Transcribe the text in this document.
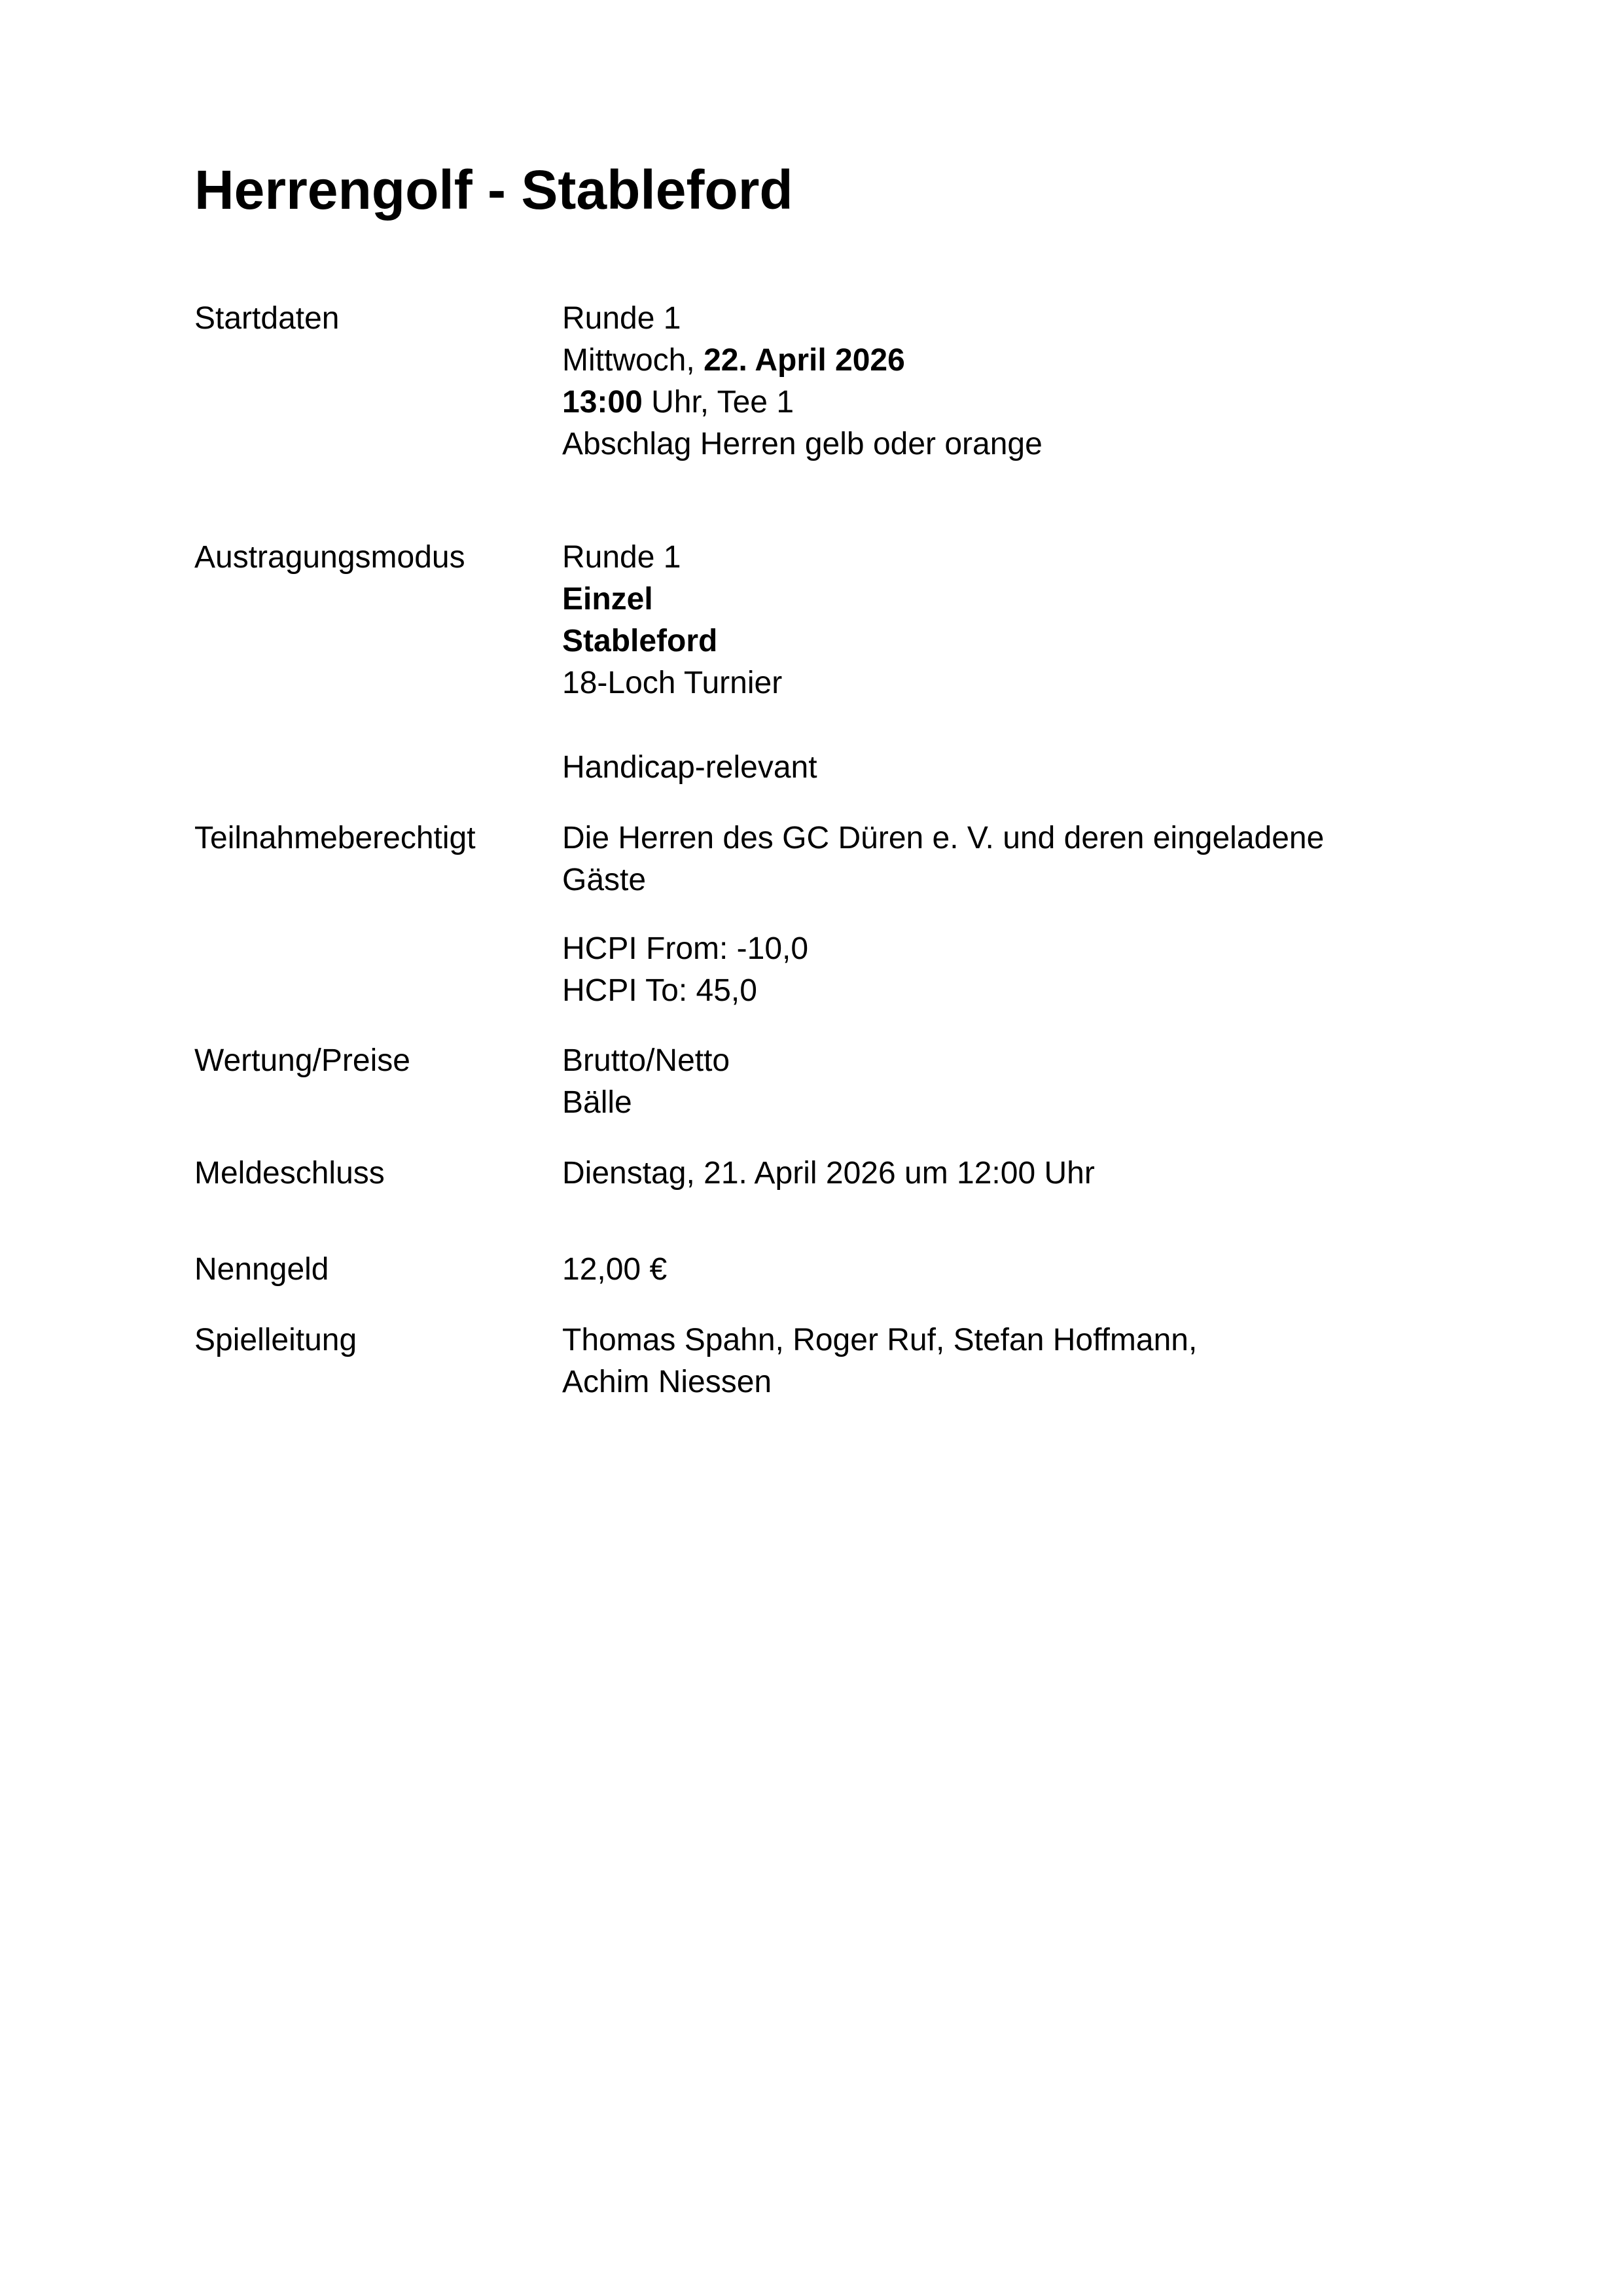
Herrengolf - Stableford
Startdaten	Runde 1
Mittwoch, 22. April 2026
13:00 Uhr, Tee 1
Abschlag Herren gelb oder orange
Austragungsmodus	Runde 1
Einzel
Stableford
18-Loch Turnier
Handicap-relevant
Teilnahmeberechtigt	Die Herren des GC Düren e. V. und deren eingeladene
Gäste
HCPI From: -10,0
HCPI To: 45,0
Wertung/Preise	Brutto/Netto
Bälle
Meldeschluss	Dienstag, 21. April 2026 um 12:00 Uhr
Nenngeld	12,00 €
Spielleitung	Thomas Spahn, Roger Ruf, Stefan Hoffmann,
Achim Niessen
